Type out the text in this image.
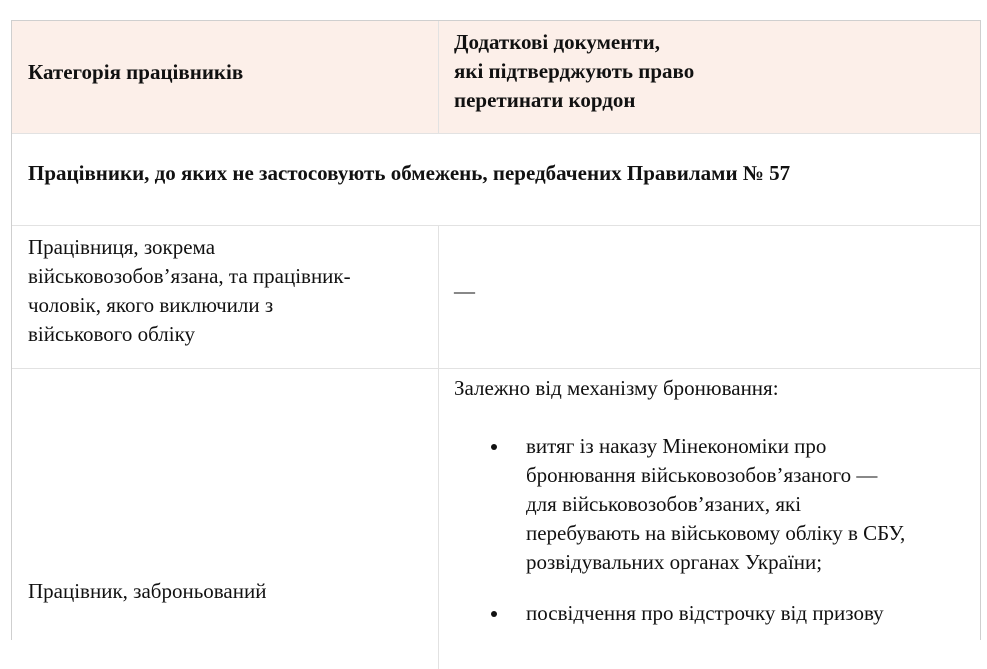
Категорія працівників
Додаткові документи,
які підтверджують право
перетинати кордон
Працівники, до яких не застосовують обмежень, передбачених Правилами № 57
Працівниця, зокрема
військовозобов’язана, та працівник-
чоловік, якого виключили з
військового обліку
—
Працівник, заброньований
Залежно від механізму бронювання:
витяг із наказу Мінекономіки про
бронювання військовозобов’язаного —
для військовозобов’язаних, які
перебувають на військовому обліку в СБУ,
розвідувальних органах України;
посвідчення про відстрочку від призову
